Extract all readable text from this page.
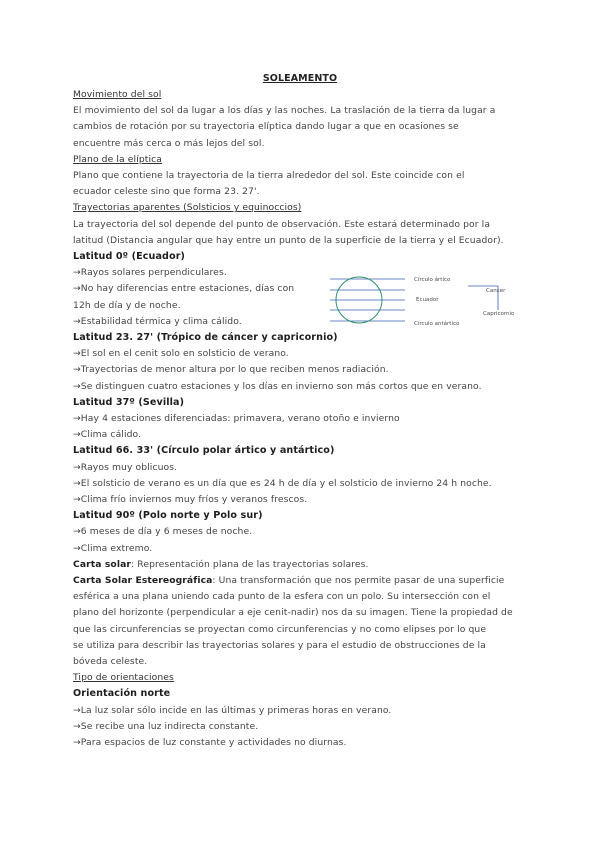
SOLEAMENTO
Movimiento del sol
El movimiento del sol da lugar a los días y las noches. La traslación de la tierra da lugar a
cambios de rotación por su trayectoria elíptica dando lugar a que en ocasiones se
encuentre más cerca o más lejos del sol.
Plano de la elíptica
Plano que contiene la trayectoria de la tierra alrededor del sol. Este coincide con el
ecuador celeste sino que forma 23. 27'.
Trayectorias aparentes (Solsticios y equinoccios)
La trayectoria del sol depende del punto de observación. Este estará determinado por la
latitud (Distancia angular que hay entre un punto de la superficie de la tierra y el Ecuador).
Latitud 0º (Ecuador)
→Rayos solares perpendiculares.
→No hay diferencias entre estaciones, días con
12h de día y de noche.
→Estabilidad térmica y clima cálido.
Latitud 23. 27' (Trópico de cáncer y capricornio)
→El sol en el cenit solo en solsticio de verano.
→Trayectorias de menor altura por lo que reciben menos radiación.
→Se distinguen cuatro estaciones y los días en invierno son más cortos que en verano.
Latitud 37º (Sevilla)
→Hay 4 estaciones diferenciadas: primavera, verano otoño e invierno
→Clima cálido.
Latitud 66. 33' (Círculo polar ártico y antártico)
→Rayos muy oblicuos.
→El solsticio de verano es un día que es 24 h de día y el solsticio de invierno 24 h noche.
→Clima frío inviernos muy fríos y veranos frescos.
Latitud 90º (Polo norte y Polo sur)
→6 meses de día y 6 meses de noche.
→Clima extremo.
Carta solar: Representación plana de las trayectorias solares.
Carta Solar Estereográfica: Una transformación que nos permite pasar de una superficie
esférica a una plana uniendo cada punto de la esfera con un polo. Su intersección con el
plano del horizonte (perpendicular a eje cenit-nadir) nos da su imagen. Tiene la propiedad de
que las circunferencias se proyectan como circunferencias y no como elipses por lo que
se utiliza para describir las trayectorias solares y para el estudio de obstrucciones de la
bóveda celeste.
Tipo de orientaciones
Orientación norte
→La luz solar sólo incide en las últimas y primeras horas en verano.
→Se recibe una luz indirecta constante.
→Para espacios de luz constante y actividades no diurnas.
Círculo ártico
Cancer
Ecuador
Capricornio
Círculo antártico
